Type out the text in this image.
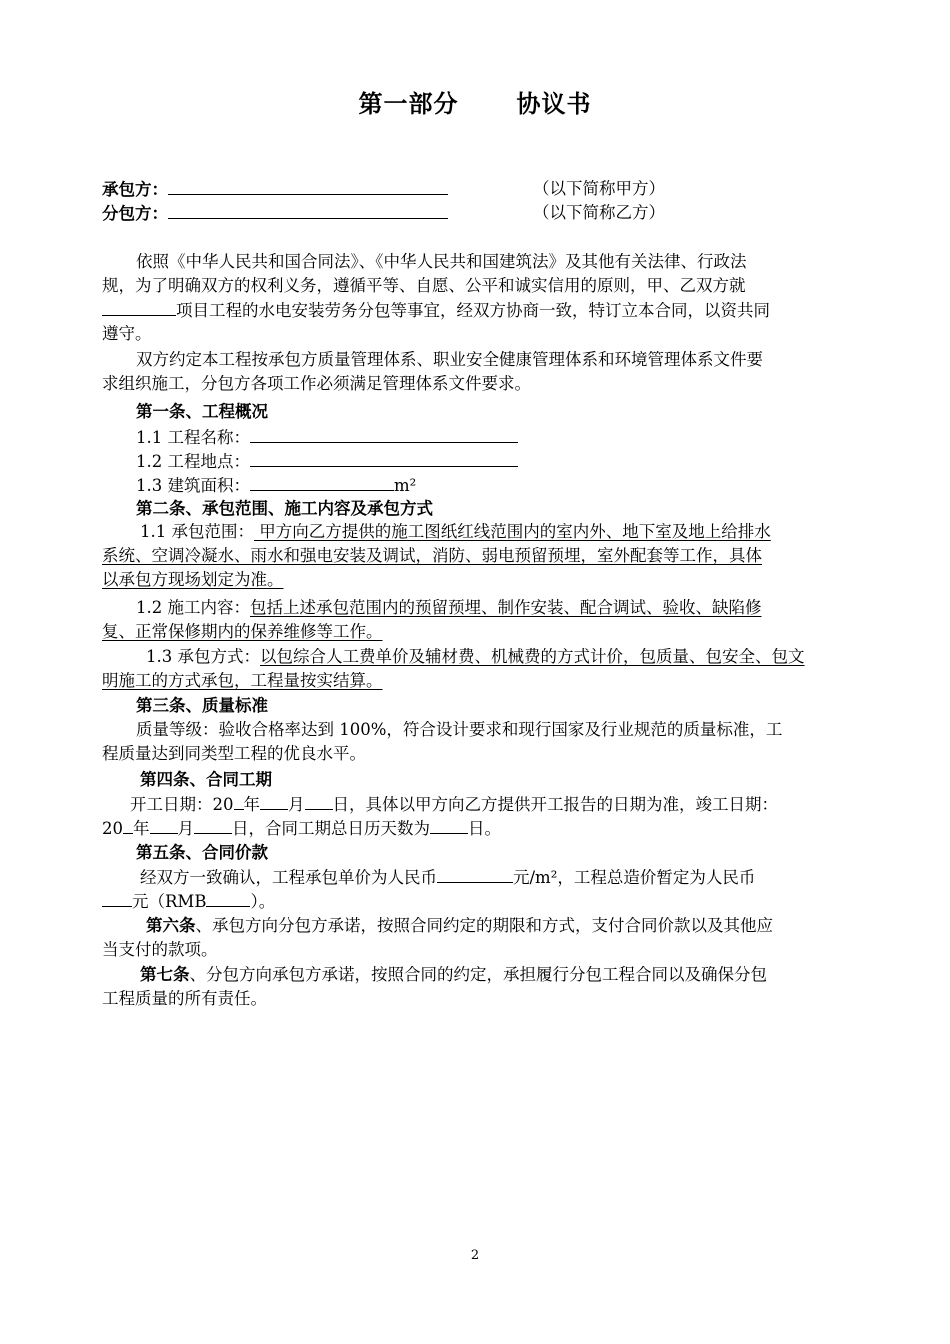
第一部分 协议书
承包方：	（以下简称甲方）
分包方：	（以下简称乙方）
依照《中华人民共和国合同法》、《中华人民共和国建筑法》及其他有关法律、行政法
规，为了明确双方的权利义务，遵循平等、自愿、公平和诚实信用的原则，甲、乙双方就
项目工程的水电安装劳务分包等事宜，经双方协商一致，特订立本合同，以资共同
遵守。
双方约定本工程按承包方质量管理体系、职业安全健康管理体系和环境管理体系文件要
求组织施工，分包方各项工作必须满足管理体系文件要求。
第一条、工程概况
1.1 工程名称：
1.2 工程地点：
1.3 建筑面积：	m²
第二条、承包范围、施工内容及承包方式
1.1 承包范围： 甲方向乙方提供的施工图纸红线范围内的室内外、地下室及地上给排水
系统、空调冷凝水、雨水和强电安装及调试，消防、弱电预留预埋，室外配套等工作，具体
以承包方现场划定为准。
1.2 施工内容：包括上述承包范围内的预留预埋、制作安装、配合调试、验收、缺陷修
复、正常保修期内的保养维修等工作。
1.3 承包方式：以包综合人工费单价及辅材费、机械费的方式计价，包质量、包安全、包文
明施工的方式承包，工程量按实结算。
第三条、质量标准
质量等级：验收合格率达到 100%，符合设计要求和现行国家及行业规范的质量标准，工
程质量达到同类型工程的优良水平。
第四条、合同工期
开工日期：20 年 月 日，具体以甲方向乙方提供开工报告的日期为准，竣工日期：
20 年 月 日，合同工期总日历天数为 日。
第五条、合同价款
经双方一致确认，工程承包单价为人民币	元/m²，工程总造价暂定为人民币
元（RMB	）。
第六条、承包方向分包方承诺，按照合同约定的期限和方式，支付合同价款以及其他应
当支付的款项。
第七条、分包方向承包方承诺，按照合同的约定，承担履行分包工程合同以及确保分包
工程质量的所有责任。
2
